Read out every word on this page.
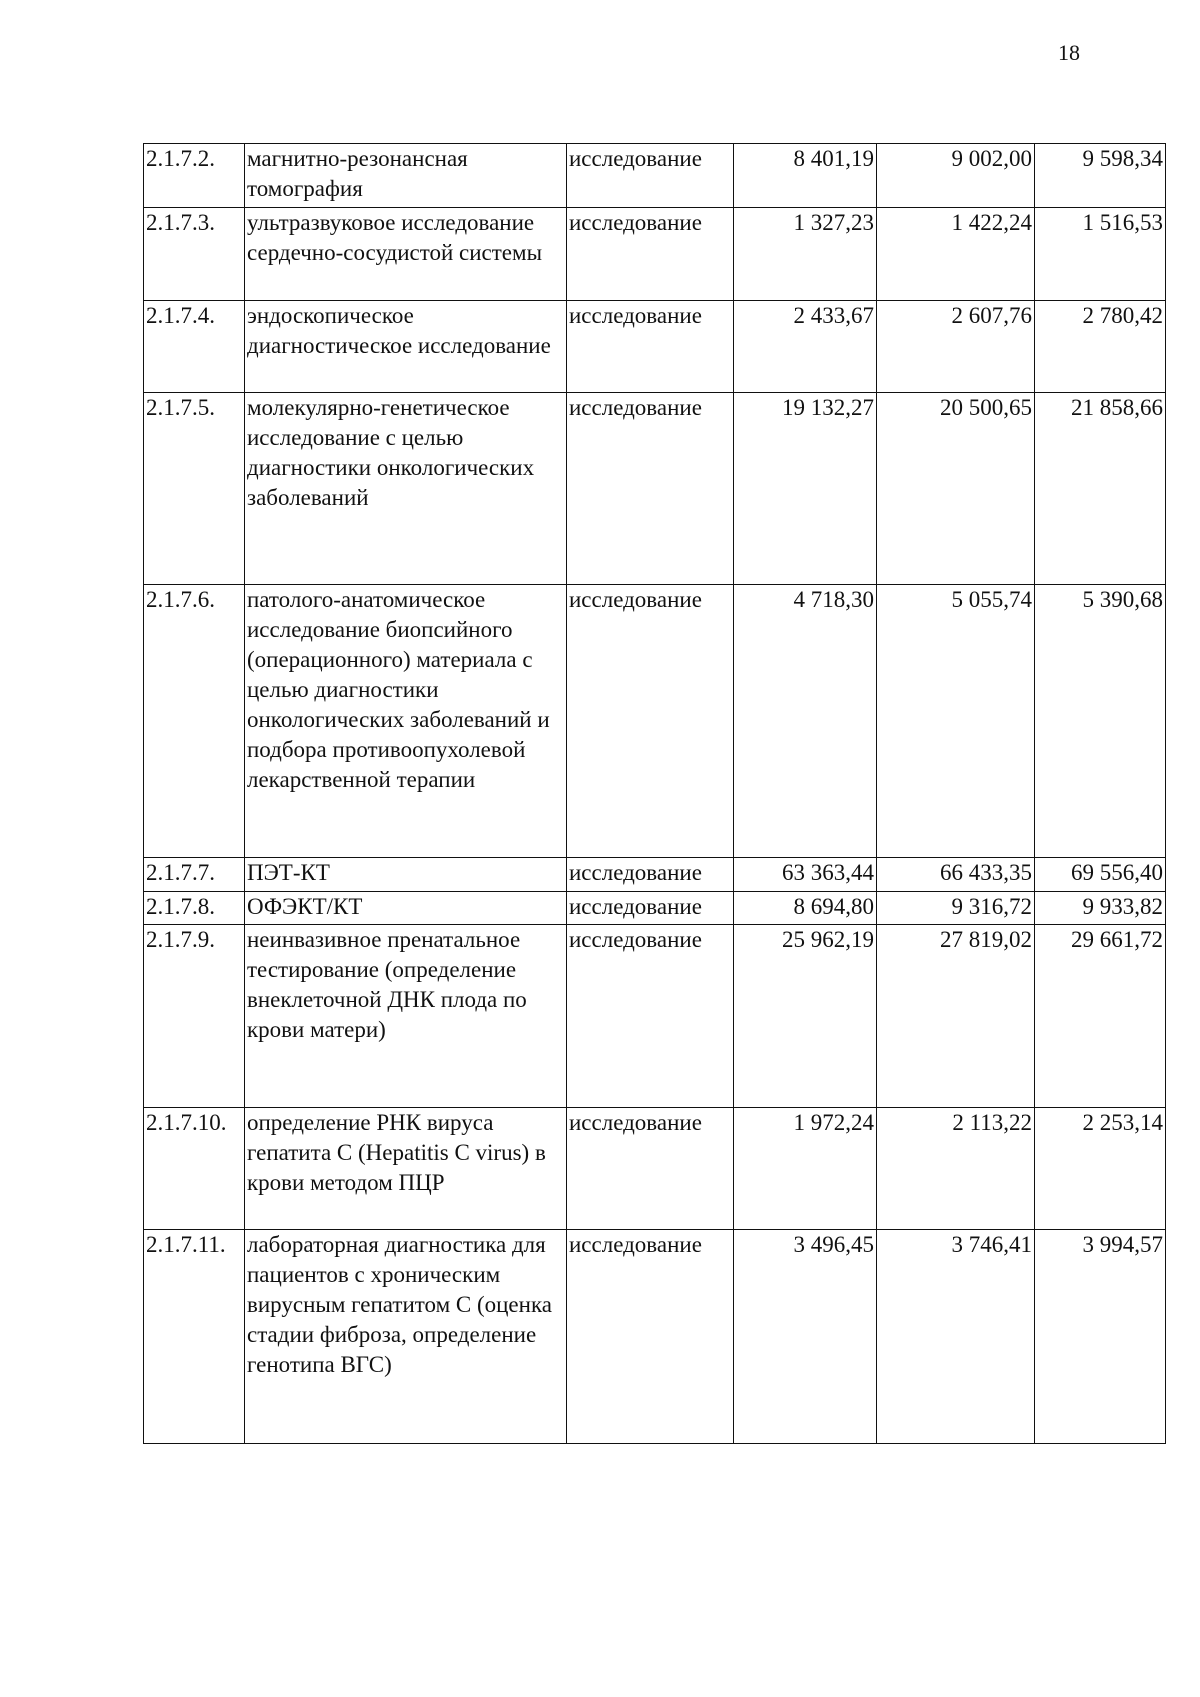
18
2.1.7.2.	магнитно-резонансная томография	исследование	8 401,19	9 002,00	9 598,34
2.1.7.3.	ультразвуковое исследование сердечно-сосудистой системы	исследование	1 327,23	1 422,24	1 516,53
2.1.7.4.	эндоскопическое диагностическое исследование	исследование	2 433,67	2 607,76	2 780,42
2.1.7.5.	молекулярно-генетическое исследование с целью диагностики онкологических заболеваний	исследование	19 132,27	20 500,65	21 858,66
2.1.7.6.	патолого-анатомическое исследование биопсийного (операционного) материала с целью диагностики онкологических заболеваний и подбора противоопухолевой лекарственной терапии	исследование	4 718,30	5 055,74	5 390,68
2.1.7.7.	ПЭТ-КТ	исследование	63 363,44	66 433,35	69 556,40
2.1.7.8.	ОФЭКТ/КТ	исследование	8 694,80	9 316,72	9 933,82
2.1.7.9.	неинвазивное пренатальное тестирование (определение внеклеточной ДНК плода по крови матери)	исследование	25 962,19	27 819,02	29 661,72
2.1.7.10.	определение РНК вируса гепатита С (Hepatitis C virus) в крови методом ПЦР	исследование	1 972,24	2 113,22	2 253,14
2.1.7.11.	лабораторная диагностика для пациентов с хроническим вирусным гепатитом С (оценка стадии фиброза, определение генотипа ВГС)	исследование	3 496,45	3 746,41	3 994,57
